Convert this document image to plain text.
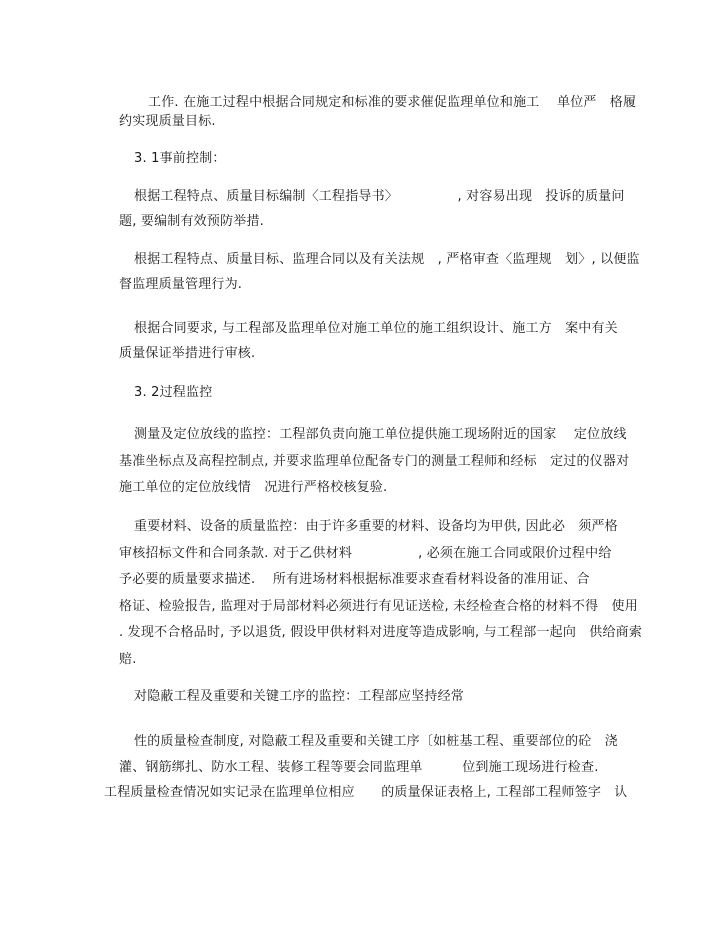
工作. 在施工过程中根据合同规定和标准的要求催促监理单位和施工　 单位严　格履
约实现质量目标.
3. 1事前控制：
根据工程特点、质量目标编制〈工程指导书〉　　　　　, 对容易出现　投诉的质量问
题, 要编制有效预防举措.
根据工程特点、质量目标、监理合同以及有关法规　, 严格审查〈监理规　划〉, 以便监
督监理质量管理行为.
根据合同要求, 与工程部及监理单位对施工单位的施工组织设计、施工方　案中有关
质量保证举措进行审核.
3. 2过程监控
测量及定位放线的监控：工程部负责向施工单位提供施工现场附近的国家　 定位放线
基准坐标点及高程控制点, 并要求监理单位配备专门的测量工程师和经标　定过的仪器对
施工单位的定位放线情　况进行严格校核复验.
重要材料、设备的质量监控：由于许多重要的材料、设备均为甲供, 因此必　须严格
审核招标文件和合同条款. 对于乙供材料　　　　　, 必须在施工合同或限价过程中给
予必要的质量要求描述.　 所有进场材料根据标准要求查看材料设备的准用证、合
格证、检验报告, 监理对于局部材料必须进行有见证送检, 未经检查合格的材料不得　使用
. 发现不合格品时, 予以退货, 假设甲供材料对进度等造成影响, 与工程部一起向　供给商索
赔.
对隐蔽工程及重要和关键工序的监控：工程部应坚持经常
性的质量检查制度, 对隐蔽工程及重要和关键工序〔如桩基工程、重要部位的砼　浇
灌、钢筋绑扎、防水工程、装修工程等要会同监理单　　　位到施工现场进行检查.
工程质量检查情况如实记录在监理单位相应　　的质量保证表格上, 工程部工程师签字　认
